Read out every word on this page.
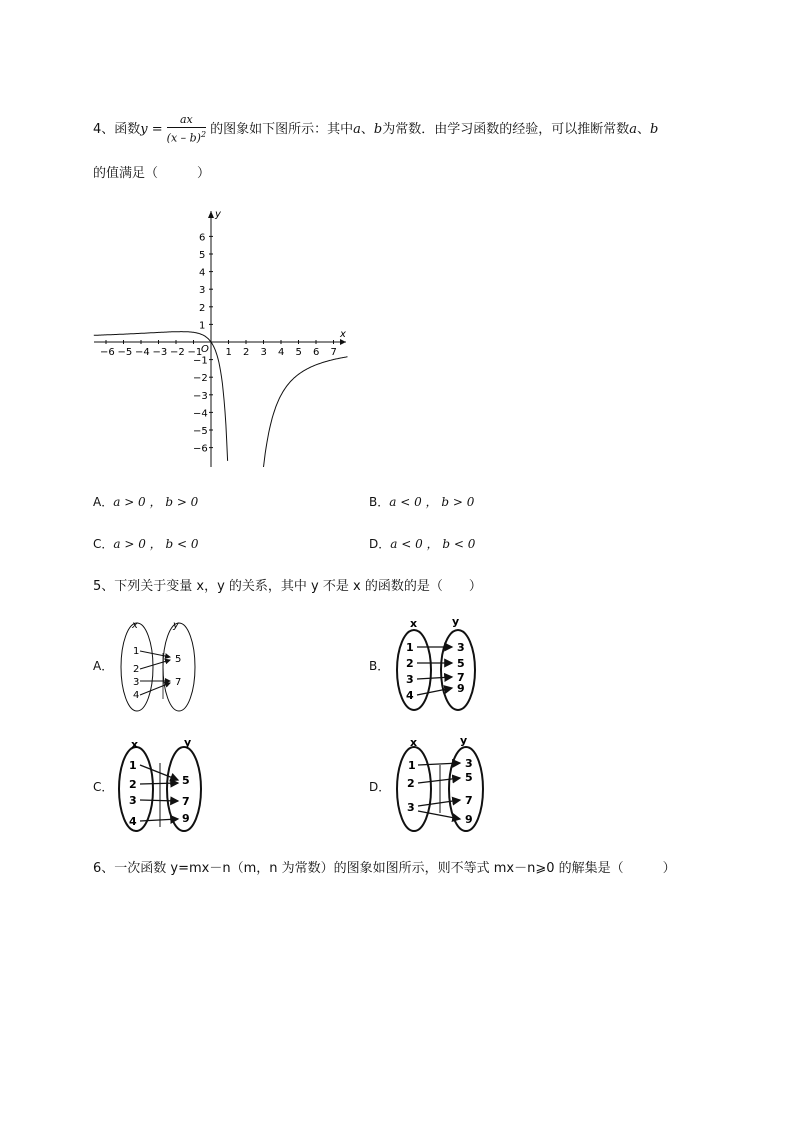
4、函数$y = \frac{ax}{(x - b)^2}$ 的图象如下图所示：其中a、b为常数．由学习函数的经验，可以推断常数a、b
的值满足（　　　）
x
y
O
−6 −5 −4 −3 −2 −1 1 2 3 4 5 6 7
6
5
4
3
2
1
−1
−2
−3
−4
−5
−6
A．a > 0 ， b > 0	B．a < 0 ， b > 0
C．a > 0 ， b < 0	D．a < 0 ， b < 0
5、下列关于变量 x，y 的关系，其中 y 不是 x 的函数的是（　　）
A．	B．
C．	D．
x	y
1
2
3
4
5
7
x	y
1
2
3
4
3
5
7
9
x	y
1
2
3
4
5
7
9
x	y
1
2
3
3
5
7
9
6、一次函数 y=mx－n（m，n 为常数）的图象如图所示，则不等式 mx－n⩾0 的解集是（　　　）
